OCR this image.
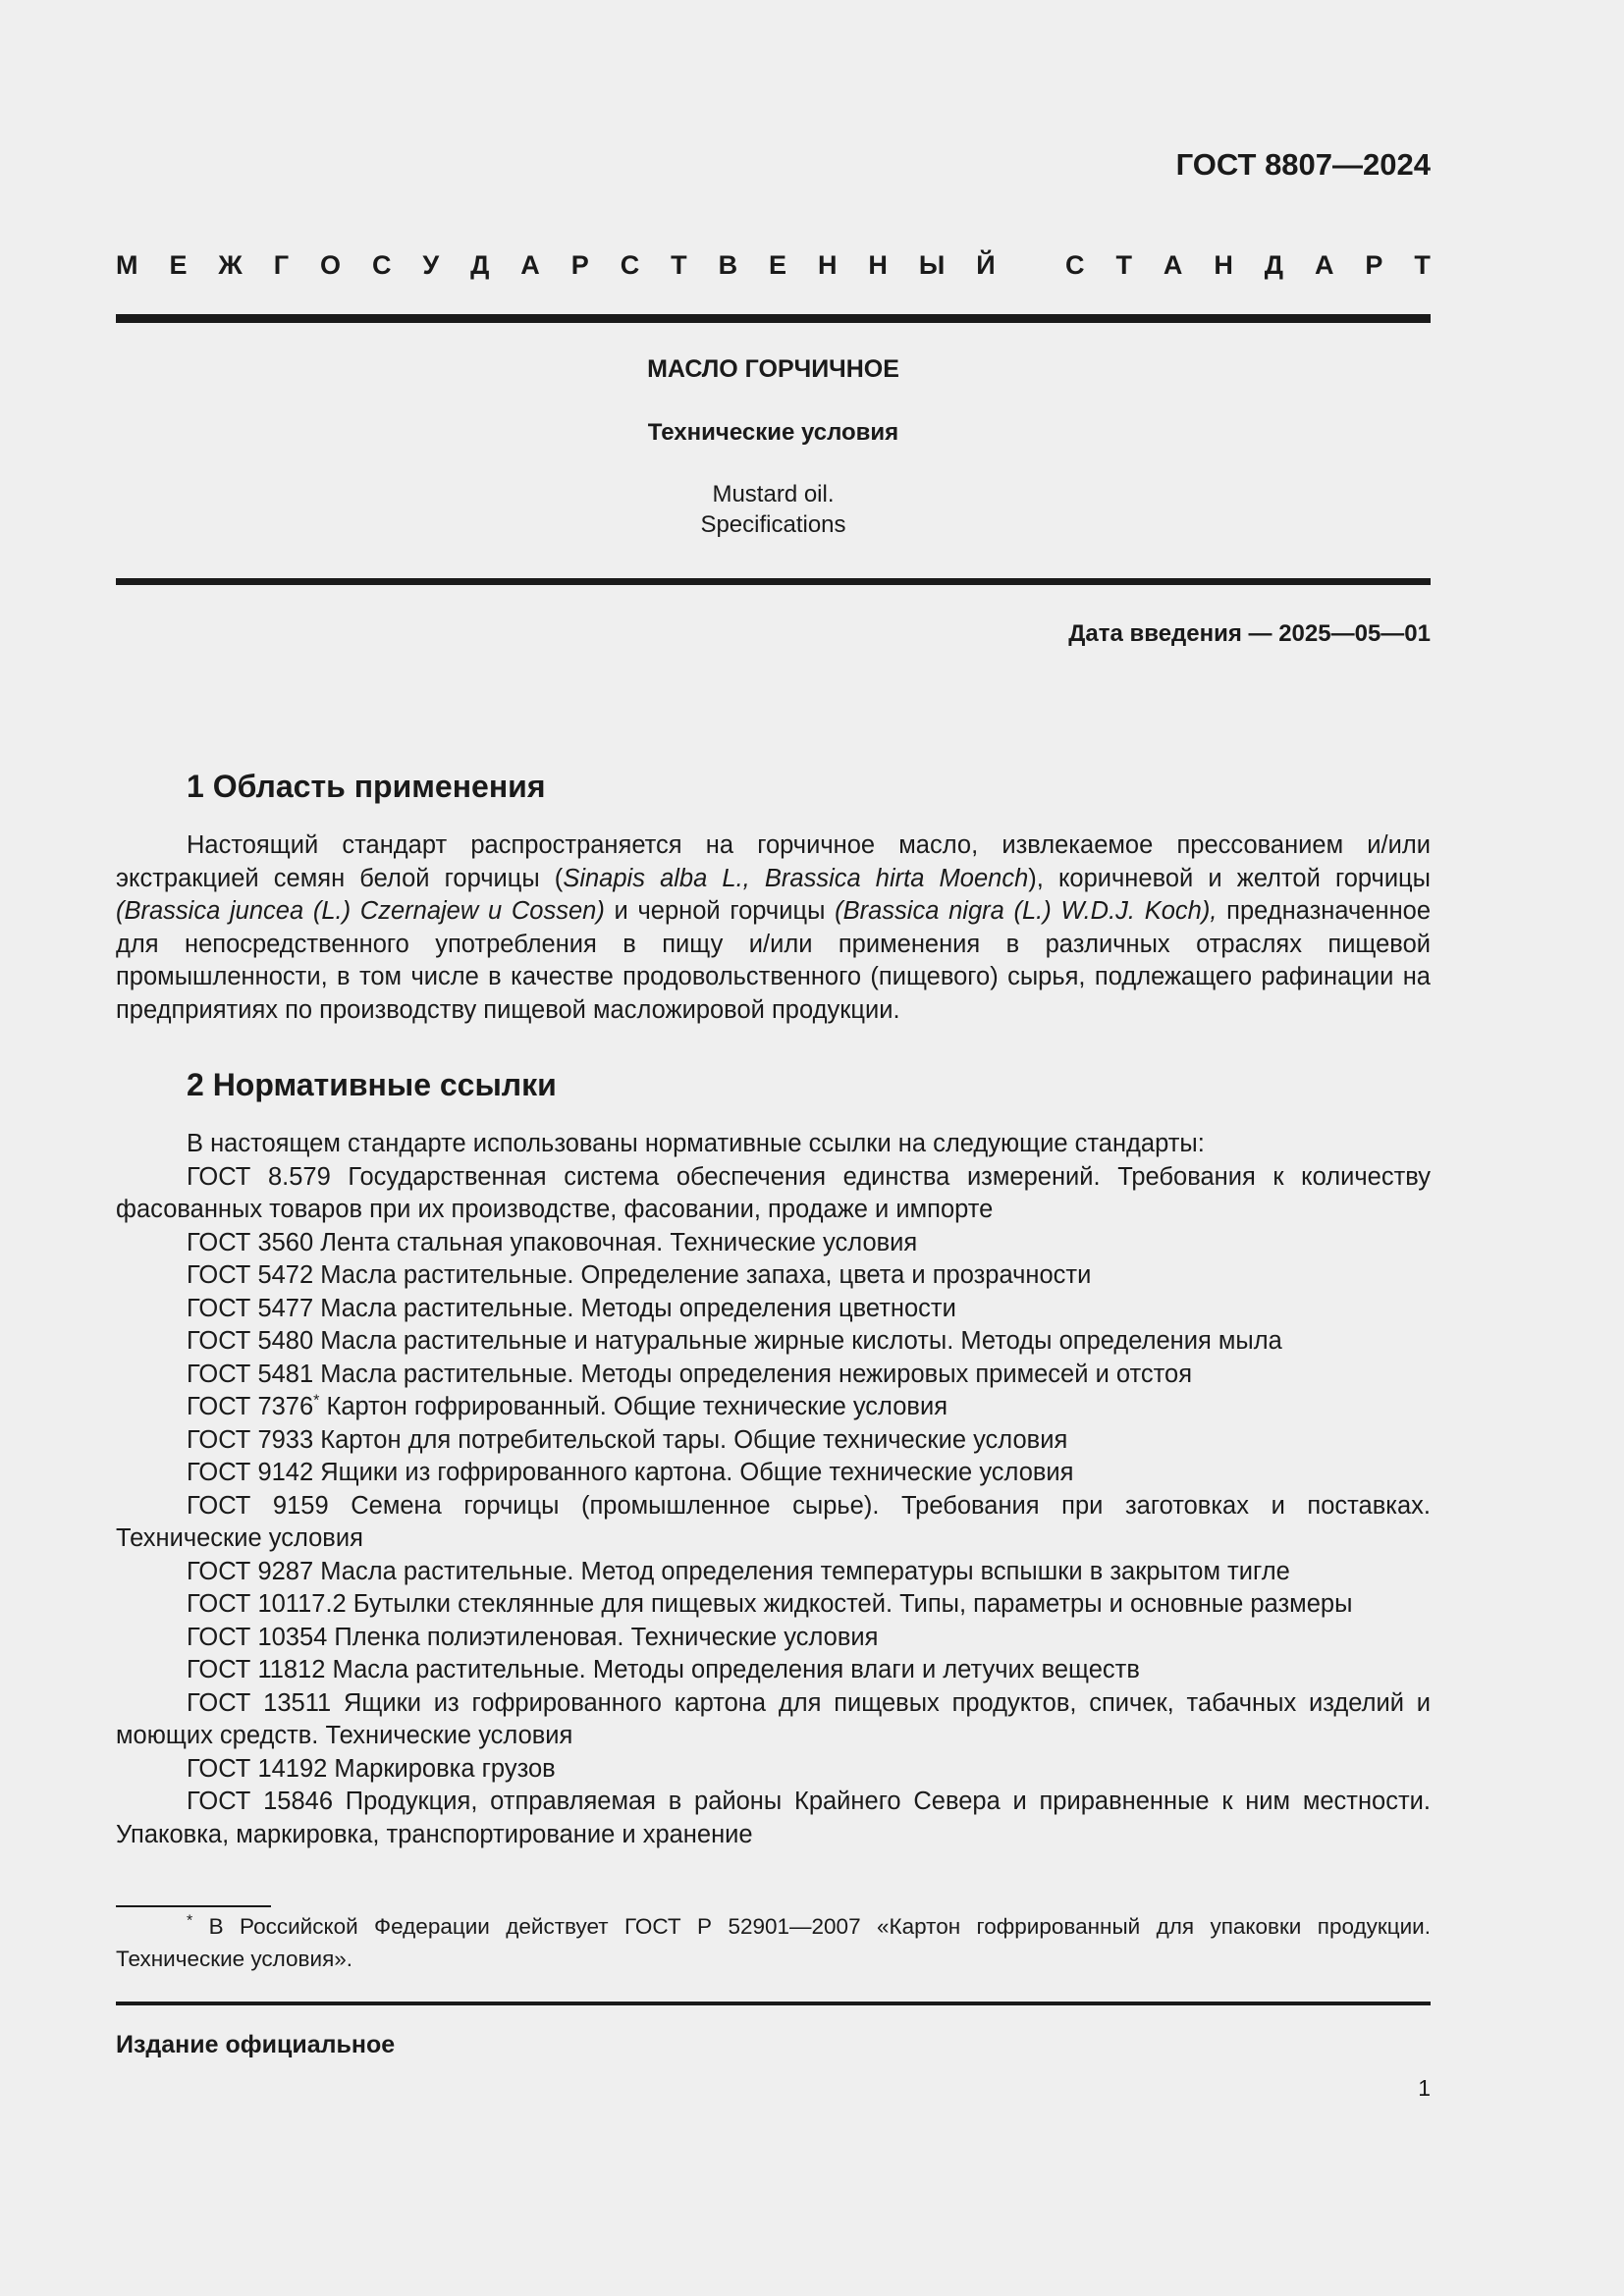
ГОСТ 8807—2024
М Е Ж Г О С У Д А Р С Т В Е Н Н Ы Й
	С Т А Н Д А Р Т
МАСЛО ГОРЧИЧНОЕ
Технические условия
Mustard oil.
Specifications
Дата введения — 2025—05—01
1 Область применения
Настоящий стандарт распространяется на горчичное масло, извлекаемое прессованием и/или экстракцией семян белой горчицы (Sinapis alba L., Brassica hirta Moench), коричневой и желтой горчицы (Brassica juncea (L.) Czernajew и Cossen) и черной горчицы (Brassica nigra (L.) W.D.J. Koch), предназначенное для непосредственного употребления в пищу и/или применения в различных отраслях пищевой промышленности, в том числе в качестве продовольственного (пищевого) сырья, подлежащего рафинации на предприятиях по производству пищевой масложировой продукции.
2 Нормативные ссылки

В настоящем стандарте использованы нормативные ссылки на следующие стандарты:

ГОСТ 8.579 Государственная система обеспечения единства измерений. Требования к количеству фасованных товаров при их производстве, фасовании, продаже и импорте

ГОСТ 3560 Лента стальная упаковочная. Технические условия

ГОСТ 5472 Масла растительные. Определение запаха, цвета и прозрачности

ГОСТ 5477 Масла растительные. Методы определения цветности

ГОСТ 5480 Масла растительные и натуральные жирные кислоты. Методы определения мыла

ГОСТ 5481 Масла растительные. Методы определения нежировых примесей и отстоя

ГОСТ 7376* Картон гофрированный. Общие технические условия

ГОСТ 7933 Картон для потребительской тары. Общие технические условия

ГОСТ 9142 Ящики из гофрированного картона. Общие технические условия

ГОСТ 9159 Семена горчицы (промышленное сырье). Требования при заготовках и поставках. Технические условия

ГОСТ 9287 Масла растительные. Метод определения температуры вспышки в закрытом тигле

ГОСТ 10117.2 Бутылки стеклянные для пищевых жидкостей. Типы, параметры и основные размеры

ГОСТ 10354 Пленка полиэтиленовая. Технические условия

ГОСТ 11812 Масла растительные. Методы определения влаги и летучих веществ

ГОСТ 13511 Ящики из гофрированного картона для пищевых продуктов, спичек, табачных изделий и моющих средств. Технические условия

ГОСТ 14192 Маркировка грузов

ГОСТ 15846 Продукция, отправляемая в районы Крайнего Севера и приравненные к ним местности. Упаковка, маркировка, транспортирование и хранение

* В Российской Федерации действует ГОСТ Р 52901—2007 «Картон гофрированный для упаковки продукции. Технические условия».
Издание официальное
1
